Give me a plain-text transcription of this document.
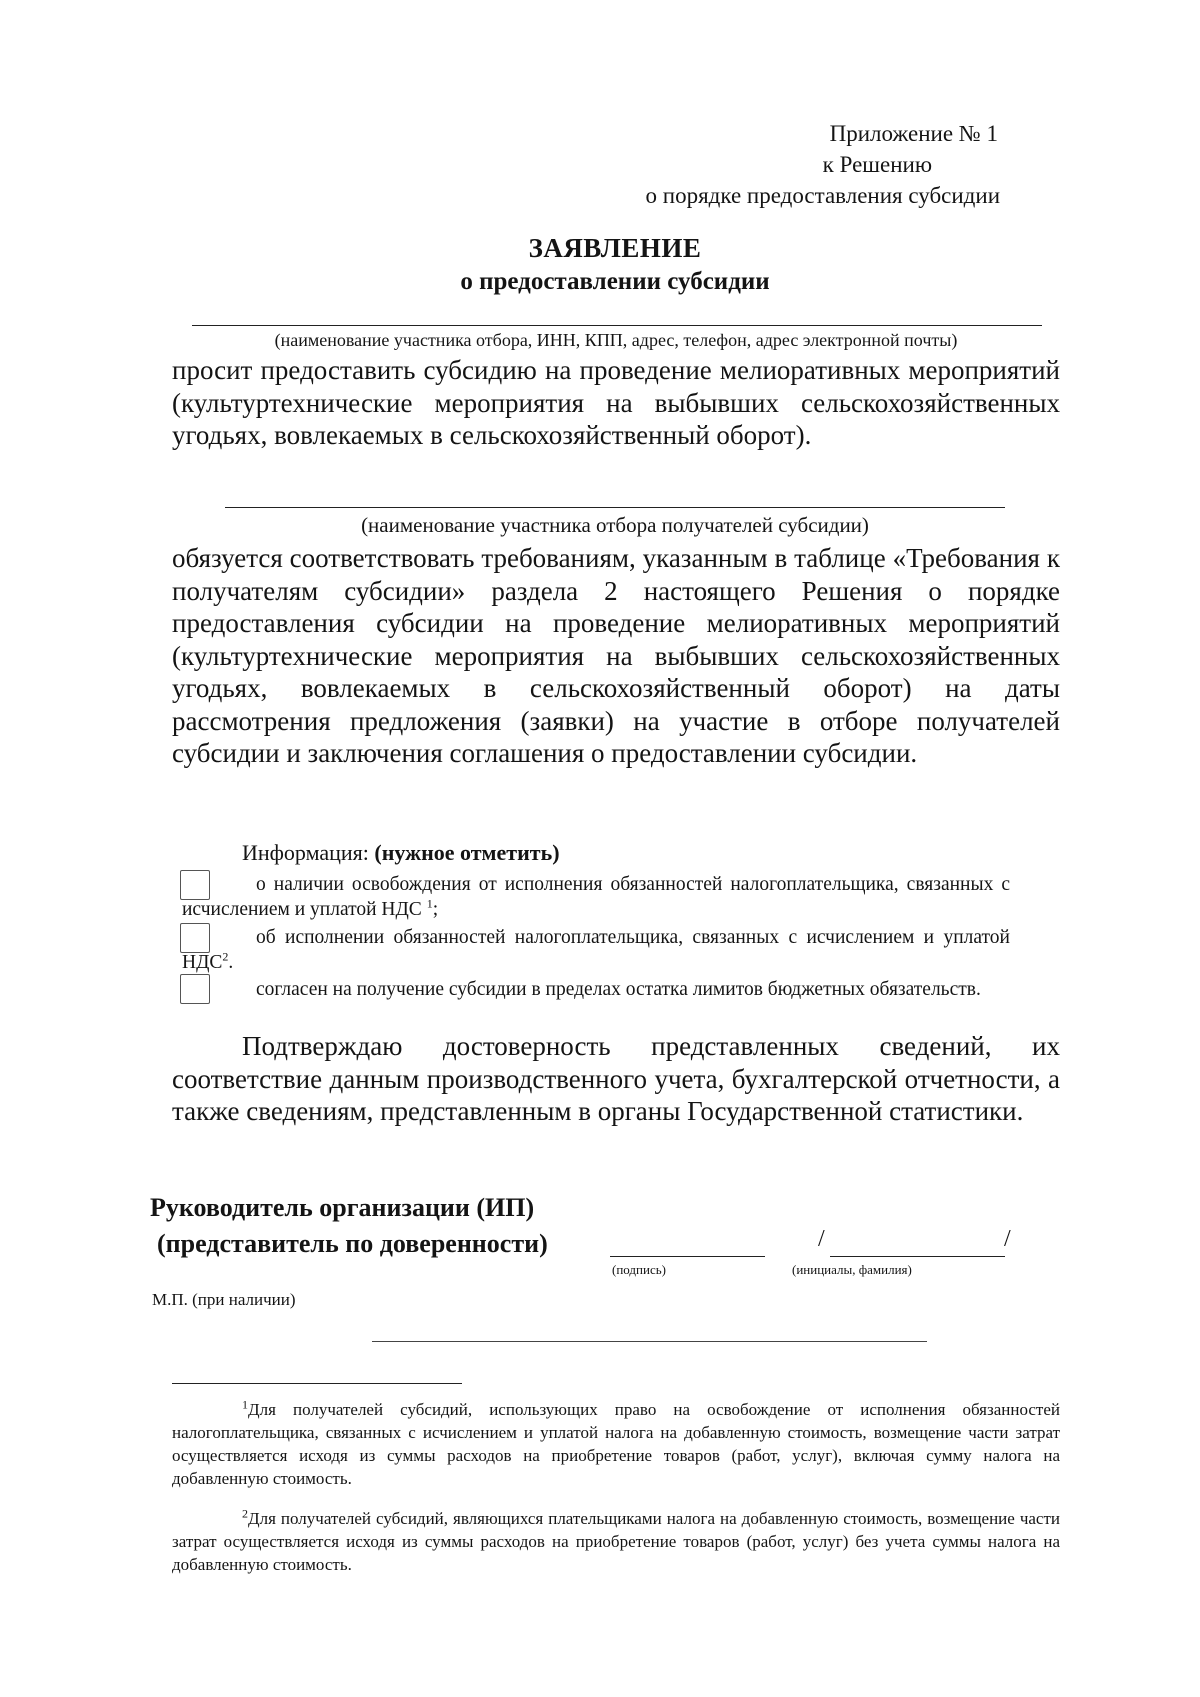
Приложение № 1
к Решению
о порядке предоставления субсидии
ЗАЯВЛЕНИЕ
о предоставлении субсидии
(наименование участника отбора, ИНН, КПП, адрес, телефон, адрес электронной почты)
просит предоставить субсидию на проведение мелиоративных мероприятий (культуртехнические мероприятия на выбывших сельскохозяйственных угодьях, вовлекаемых в сельскохозяйственный оборот).
(наименование участника отбора получателей субсидии)
обязуется соответствовать требованиям, указанным в таблице «Требования к получателям субсидии» раздела 2 настоящего Решения о порядке предоставления субсидии на проведение мелиоративных мероприятий (культуртехнические мероприятия на выбывших сельскохозяйственных угодьях, вовлекаемых в сельскохозяйственный оборот) на даты рассмотрения предложения (заявки) на участие в отборе получателей субсидии и заключения соглашения о предоставлении субсидии.
Информация: (нужное отметить)
о наличии освобождения от исполнения обязанностей налогоплательщика, связанных с исчислением и уплатой НДС $^1$;
об исполнении обязанностей налогоплательщика, связанных с исчислением и уплатой НДС$^2$.
согласен на получение субсидии в пределах остатка лимитов бюджетных обязательств.
Подтверждаю достоверность представленных сведений, их соответствие данным производственного учета, бухгалтерской отчетности, а также сведениям, представленным в органы Государственной статистики.
Руководитель организации (ИП)
(представитель по доверенности)
(подпись)
/	/
(инициалы, фамилия)
М.П. (при наличии)
$^1$Для получателей субсидий, использующих право на освобождение от исполнения обязанностей налогоплательщика, связанных с исчислением и уплатой налога на добавленную стоимость, возмещение части затрат осуществляется исходя из суммы расходов на приобретение товаров (работ, услуг), включая сумму налога на добавленную стоимость.
$^2$Для получателей субсидий, являющихся плательщиками налога на добавленную стоимость, возмещение части затрат осуществляется исходя из суммы расходов на приобретение товаров (работ, услуг) без учета суммы налога на добавленную стоимость.
